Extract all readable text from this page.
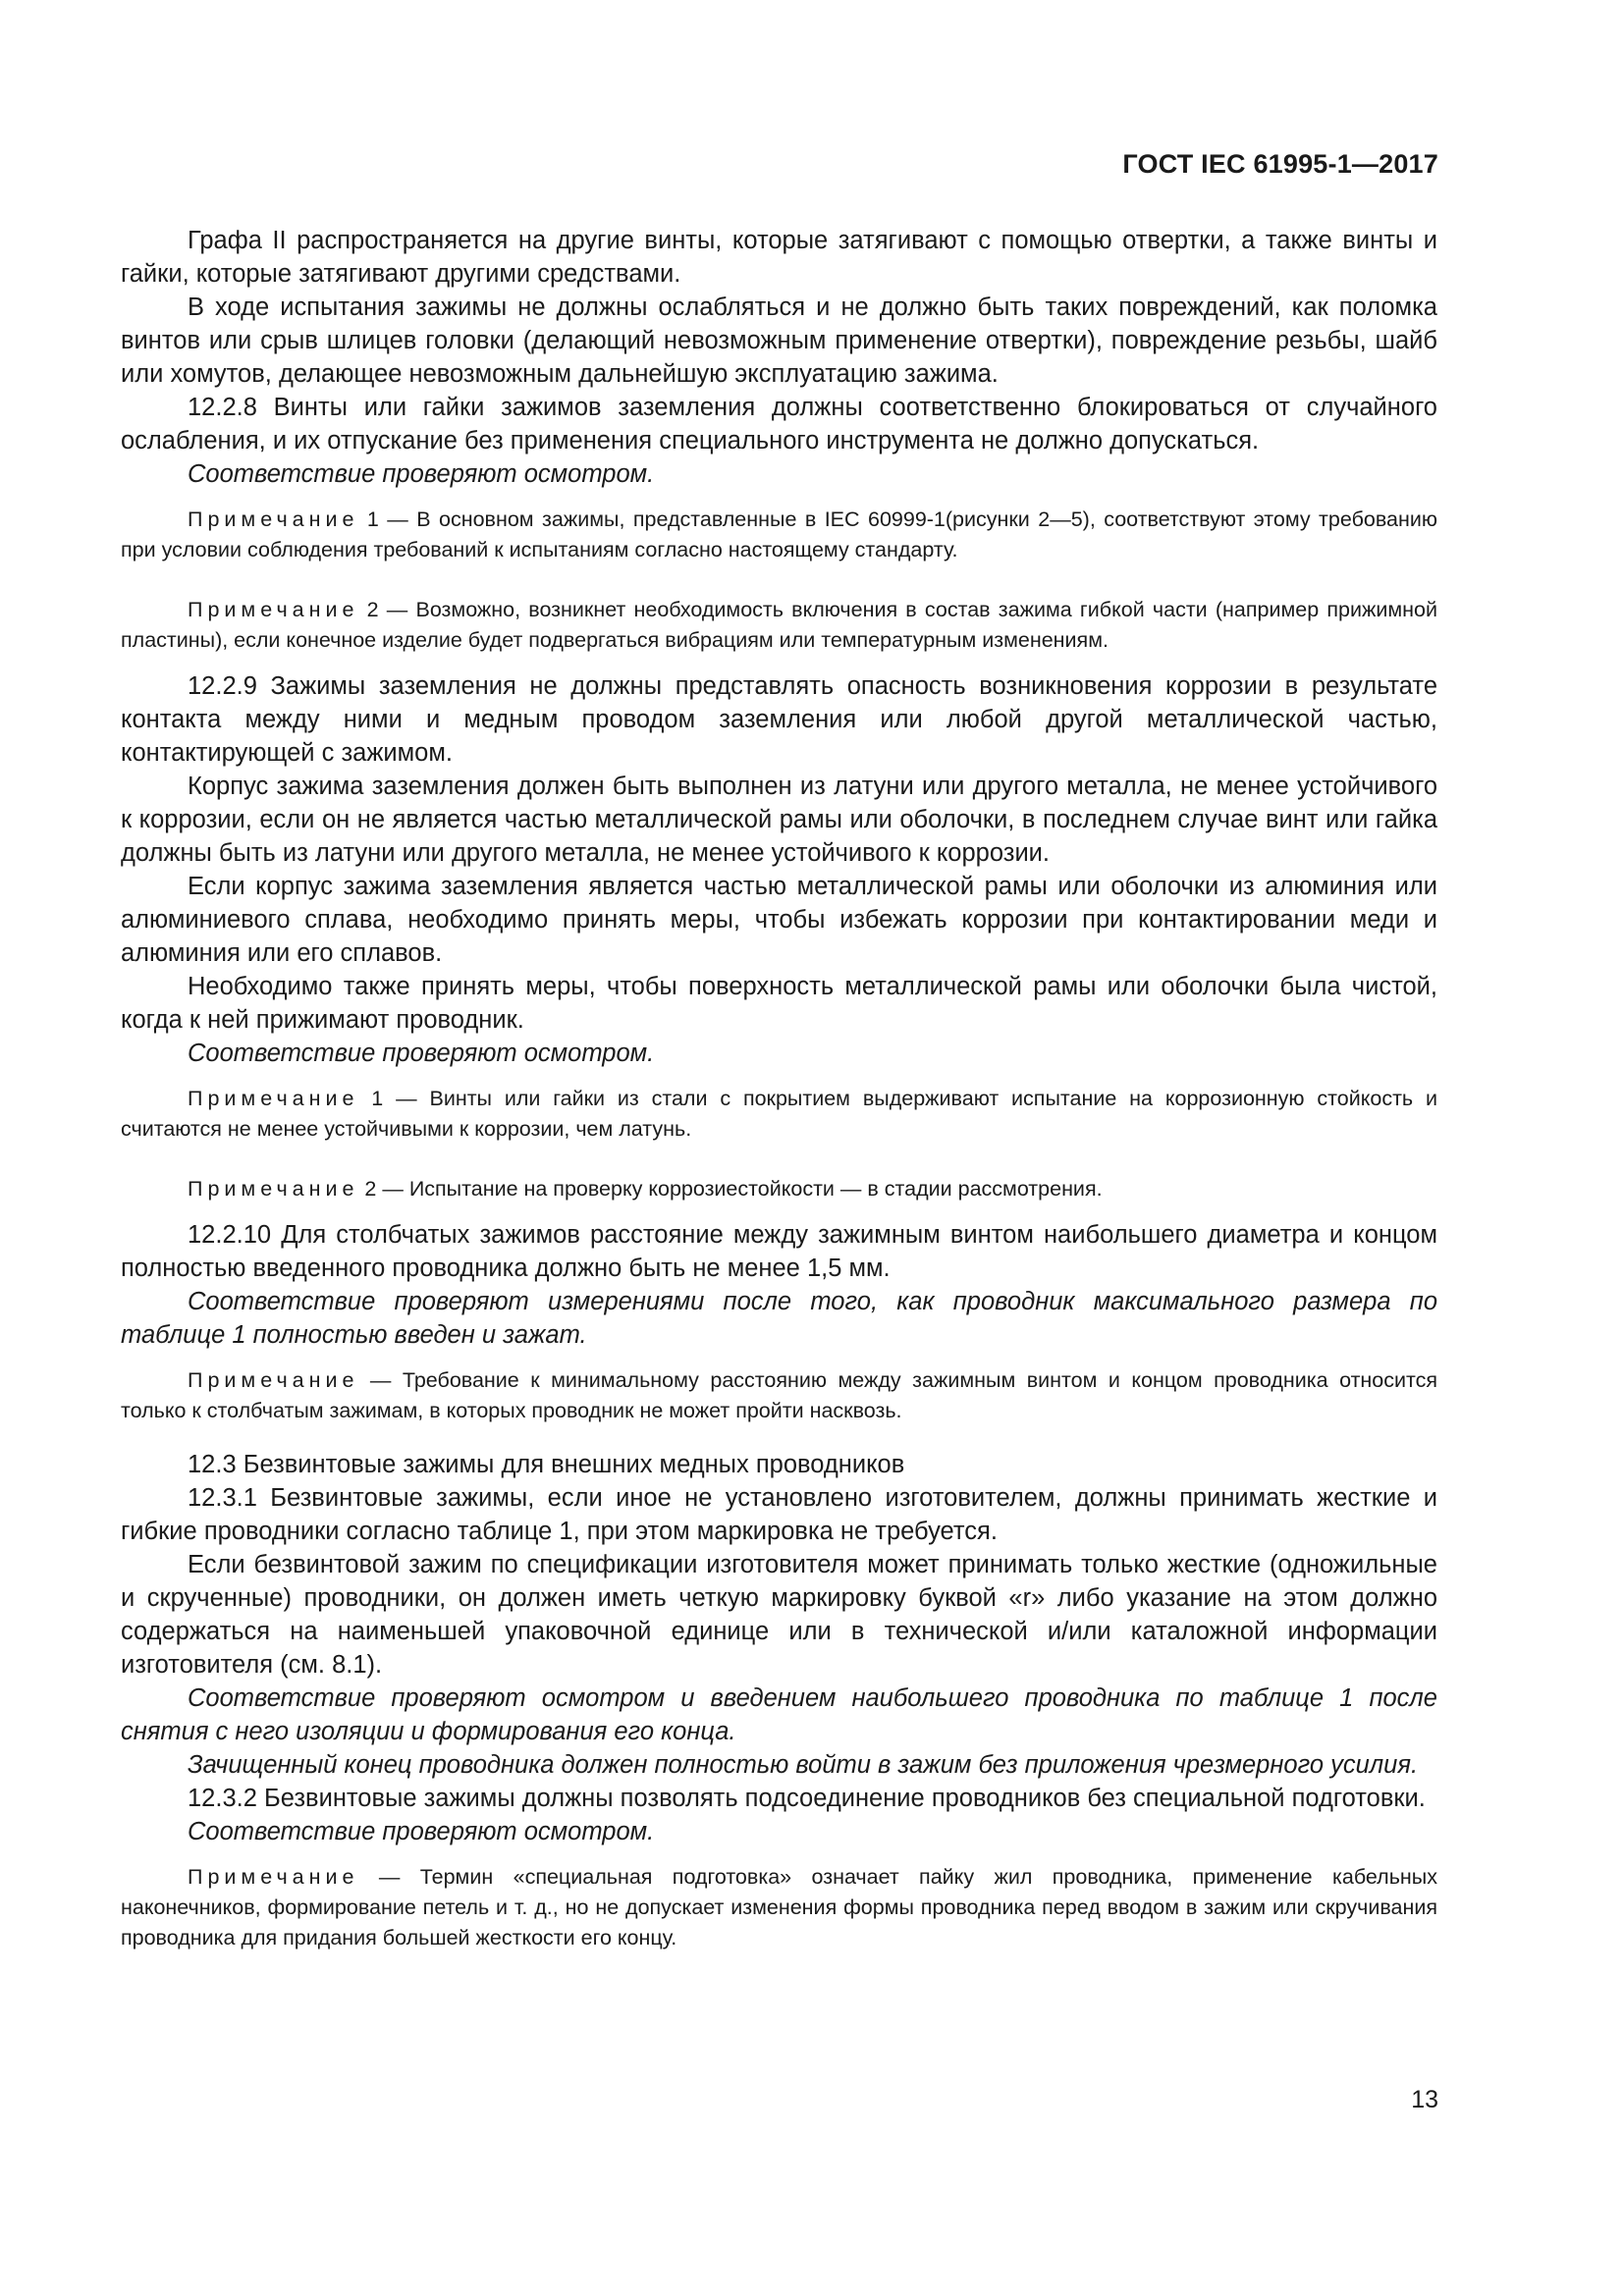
ГОСТ IEC 61995-1—2017

Графа II распространяется на другие винты, которые затягивают с помощью отвертки, а также винты и гайки, которые затягивают другими средствами.

В ходе испытания зажимы не должны ослабляться и не должно быть таких повреждений, как поломка винтов или срыв шлицев головки (делающий невозможным применение отвертки), повреждение резьбы, шайб или хомутов, делающее невозможным дальнейшую эксплуатацию зажима.

12.2.8 Винты или гайки зажимов заземления должны соответственно блокироваться от случайного ослабления, и их отпускание без применения специального инструмента не должно допускаться.

Соответствие проверяют осмотром.

Примечание 1 — В основном зажимы, представленные в IEC 60999-1(рисунки 2—5), соответствуют этому требованию при условии соблюдения требований к испытаниям согласно настоящему стандарту.

Примечание 2 — Возможно, возникнет необходимость включения в состав зажима гибкой части (например прижимной пластины), если конечное изделие будет подвергаться вибрациям или температурным изменениям.

12.2.9 Зажимы заземления не должны представлять опасность возникновения коррозии в результате контакта между ними и медным проводом заземления или любой другой металлической частью, контактирующей с зажимом.

Корпус зажима заземления должен быть выполнен из латуни или другого металла, не менее устойчивого к коррозии, если он не является частью металлической рамы или оболочки, в последнем случае винт или гайка должны быть из латуни или другого металла, не менее устойчивого к коррозии.

Если корпус зажима заземления является частью металлической рамы или оболочки из алюминия или алюминиевого сплава, необходимо принять меры, чтобы избежать коррозии при контактировании меди и алюминия или его сплавов.

Необходимо также принять меры, чтобы поверхность металлической рамы или оболочки была чистой, когда к ней прижимают проводник.

Соответствие проверяют осмотром.

Примечание 1 — Винты или гайки из стали с покрытием выдерживают испытание на коррозионную стойкость и считаются не менее устойчивыми к коррозии, чем латунь.

Примечание 2 — Испытание на проверку коррозиестойкости — в стадии рассмотрения.

12.2.10 Для столбчатых зажимов расстояние между зажимным винтом наибольшего диаметра и концом полностью введенного проводника должно быть не менее 1,5 мм.

Соответствие проверяют измерениями после того, как проводник максимального размера по таблице 1 полностью введен и зажат.

Примечание — Требование к минимальному расстоянию между зажимным винтом и концом проводника относится только к столбчатым зажимам, в которых проводник не может пройти насквозь.

12.3 Безвинтовые зажимы для внешних медных проводников

12.3.1 Безвинтовые зажимы, если иное не установлено изготовителем, должны принимать жесткие и гибкие проводники согласно таблице 1, при этом маркировка не требуется.

Если безвинтовой зажим по спецификации изготовителя может принимать только жесткие (одножильные и скрученные) проводники, он должен иметь четкую маркировку буквой «r» либо указание на этом должно содержаться на наименьшей упаковочной единице или в технической и/или каталожной информации изготовителя (см. 8.1).

Соответствие проверяют осмотром и введением наибольшего проводника по таблице 1 после снятия с него изоляции и формирования его конца.

Зачищенный конец проводника должен полностью войти в зажим без приложения чрезмерного усилия.

12.3.2 Безвинтовые зажимы должны позволять подсоединение проводников без специальной подготовки.

Соответствие проверяют осмотром.

Примечание — Термин «специальная подготовка» означает пайку жил проводника, применение кабельных наконечников, формирование петель и т. д., но не допускает изменения формы проводника перед вводом в зажим или скручивания проводника для придания большей жесткости его концу.

13
